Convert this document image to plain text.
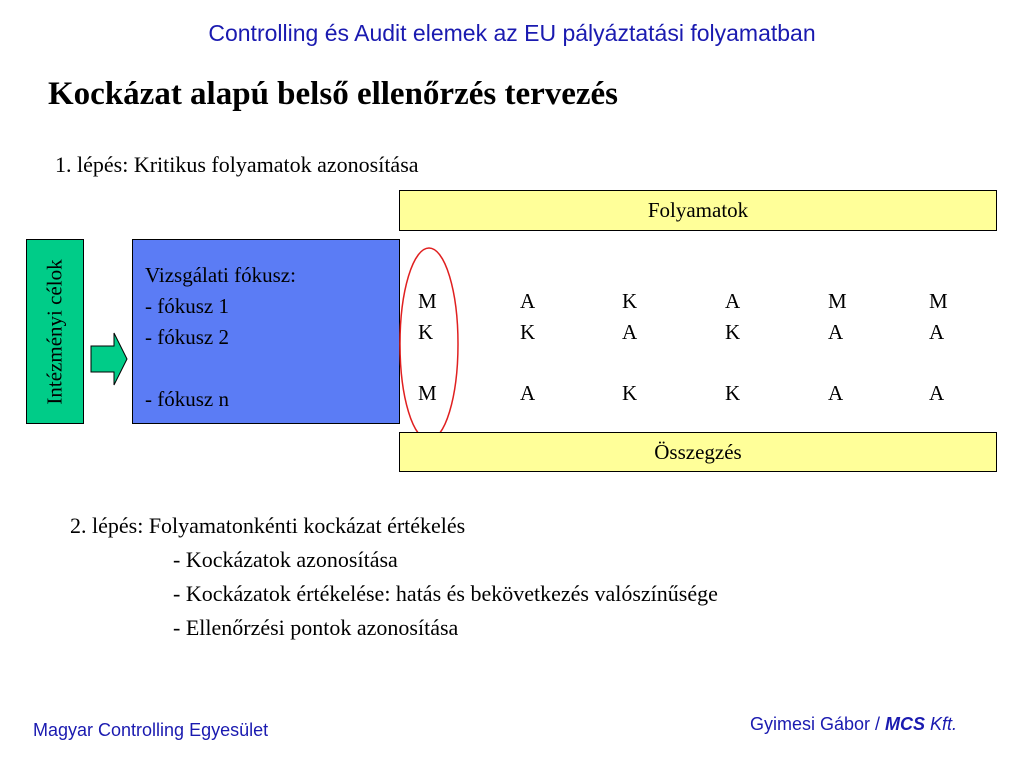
Controlling és Audit elemek az EU pályáztatási folyamatban
Kockázat alapú belső ellenőrzés tervezés
1. lépés: Kritikus folyamatok azonosítása
Folyamatok
Intézményi célok	Vizsgálati fókusz:
- fókusz 1
- fókusz 2
- fókusz n
M	A	K	A	M	M
K	K	A	K	A	A
M	A	K	K	A	A
Összegzés
2. lépés: Folyamatonkénti kockázat értékelés
- Kockázatok azonosítása
- Kockázatok értékelése: hatás és bekövetkezés valószínűsége
- Ellenőrzési pontok azonosítása
Magyar Controlling Egyesület	Gyimesi Gábor / MCS Kft.
